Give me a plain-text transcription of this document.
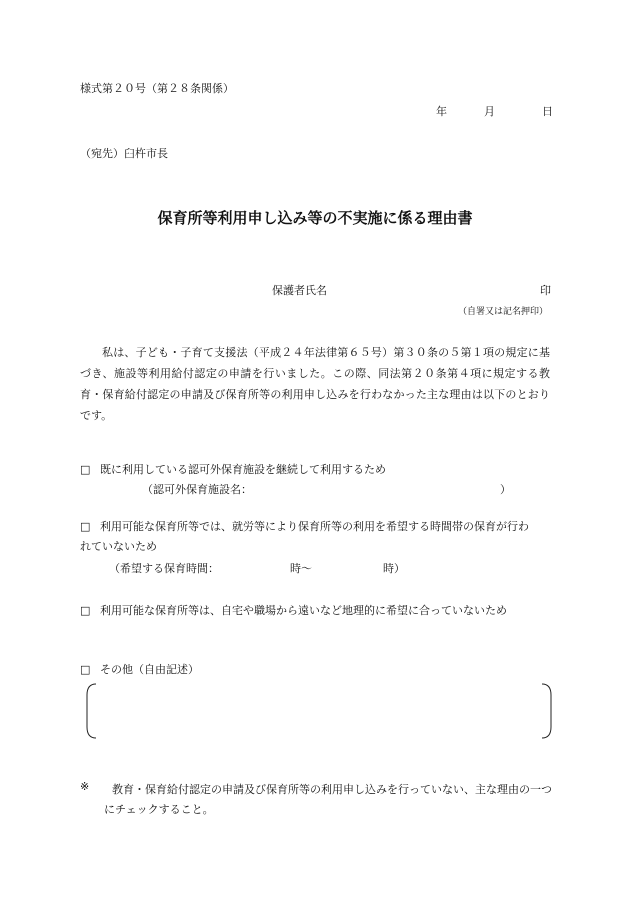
様式第２０号（第２８条関係）
年	月	日
（宛先）臼杵市長
保育所等利用申し込み等の不実施に係る理由書
保護者氏名	印
（自署又は記名押印）
私は、子ども・子育て支援法（平成２４年法律第６５号）第３０条の５第１項の規定に基づき、施設等利用給付認定の申請を行いました。この際、同法第２０条第４項に規定する教育・保育給付認定の申請及び保育所等の利用申し込みを行わなかった主な理由は以下のとおりです。
□ 既に利用している認可外保育施設を継続して利用するため
（認可外保育施設名：	）
□ 利用可能な保育所等では、就労等により保育所等の利用を希望する時間帯の保育が行わ
れていないため
（希望する保育時間：	時～	時）
□ 利用可能な保育所等は、自宅や職場から遠いなど地理的に希望に合っていないため
□ その他（自由記述）
※	教育・保育給付認定の申請及び保育所等の利用申し込みを行っていない、主な理由の一つにチェックすること。
